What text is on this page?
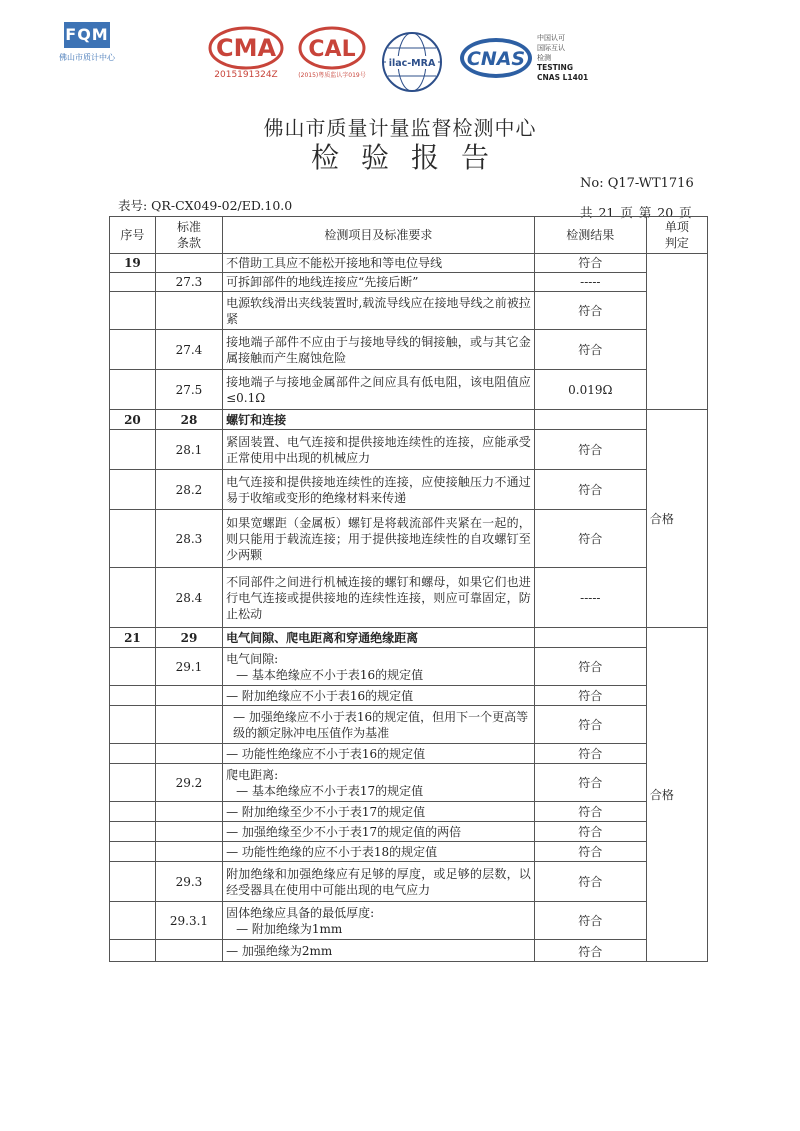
FQM
佛山市质计中心	CMA
2015191324Z
CAL
(2015)粤质监认字019号
ilac-MRA CNAS
中国认可
国际互认
检测
TESTING
CNAS L1401
佛山市质量计量监督检测中心
检验报告
No: Q17-WT1716
表号: QR-CX049-02/ED.10.0	共 21 页 第 20 页
序号	标准
条款	检测项目及标准要求	检测结果	单项
判定
19		不借助工具应不能松开接地和等电位导线	符合	
	27.3	可拆卸部件的地线连接应“先接后断”	-----	
		电源软线滑出夹线装置时,载流导线应在接地导线之前被拉紧	符合	
	27.4	接地端子部件不应由于与接地导线的铜接触，或与其它金属接触而产生腐蚀危险	符合	
	27.5	接地端子与接地金属部件之间应具有低电阻，该电阻值应≤0.1Ω	0.019Ω	
20	28	螺钉和连接		合格
	28.1	紧固装置、电气连接和提供接地连续性的连接，应能承受正常使用中出现的机械应力	符合	
	28.2	电气连接和提供接地连续性的连接，应使接触压力不通过易于收缩或变形的绝缘材料来传递	符合	
	28.3	如果宽螺距（金属板）螺钉是将载流部件夹紧在一起的，则只能用于载流连接；用于提供接地连续性的自攻螺钉至少两颗	符合	
	28.4	不同部件之间进行机械连接的螺钉和螺母，如果它们也进行电气连接或提供接地的连续性连接，则应可靠固定，防止松动	-----	
21	29	电气间隙、爬电距离和穿通绝缘距离		合格
	29.1	电气间隙:
— 基本绝缘应不小于表16的规定值	符合	
		— 附加绝缘应不小于表16的规定值	符合	
		— 加强绝缘应不小于表16的规定值，但用下一个更高等级的额定脉冲电压值作为基准	符合	
		— 功能性绝缘应不小于表16的规定值	符合	
	29.2	爬电距离:
— 基本绝缘应不小于表17的规定值	符合	
		— 附加绝缘至少不小于表17的规定值	符合	
		— 加强绝缘至少不小于表17的规定值的两倍	符合	
		— 功能性绝缘的应不小于表18的规定值	符合	
	29.3	附加绝缘和加强绝缘应有足够的厚度，或足够的层数，以经受器具在使用中可能出现的电气应力	符合	
	29.3.1	固体绝缘应具备的最低厚度:
— 附加绝缘为1mm	符合	
		— 加强绝缘为2mm	符合	
